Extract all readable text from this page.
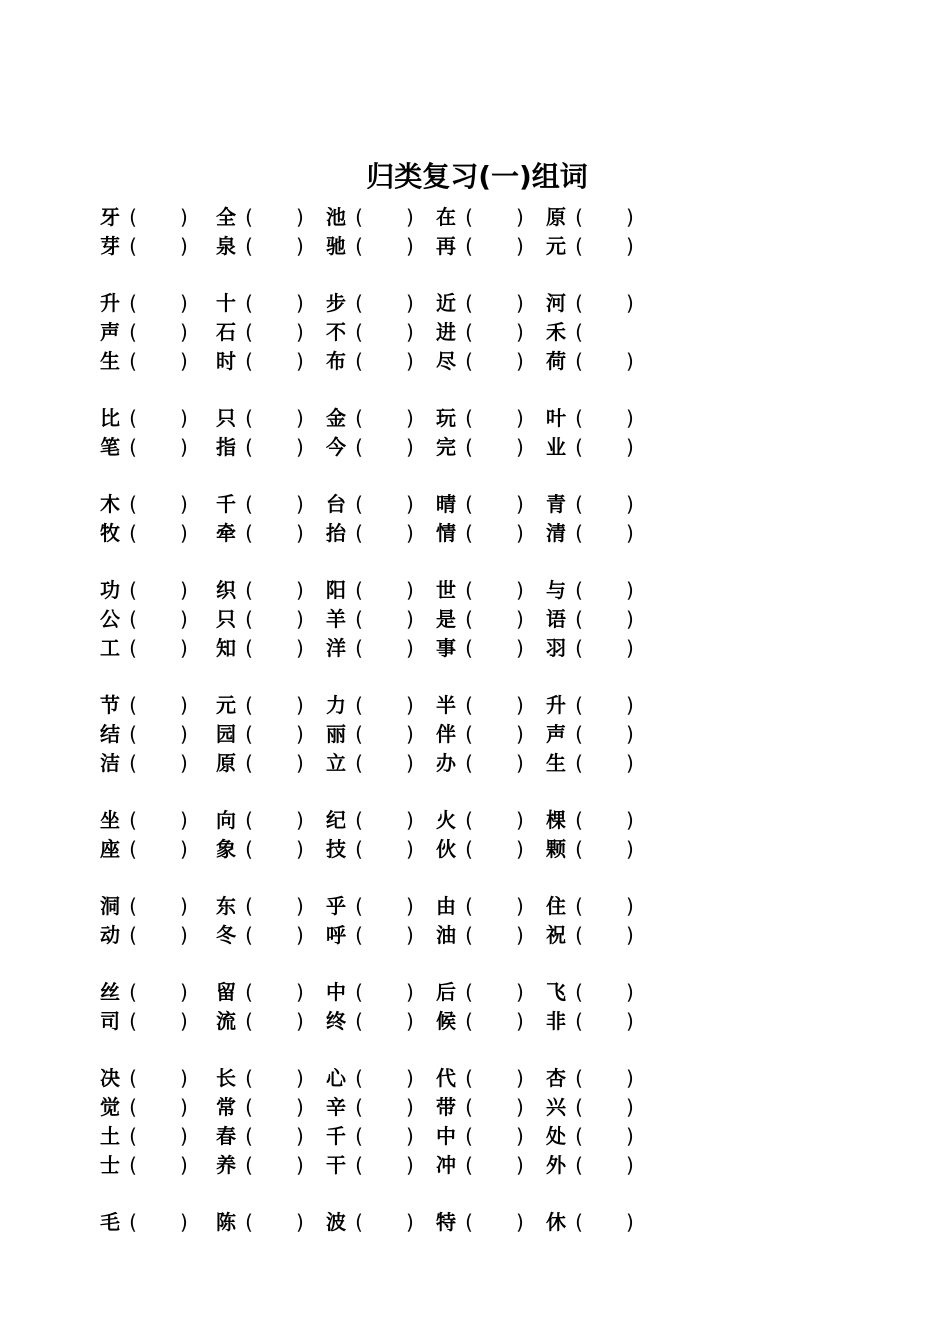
归类复习(一)组词
牙 ( ) 全 ( ) 池 ( ) 在 ( ) 原 ( )
芽 ( ) 泉 ( ) 驰 ( ) 再 ( ) 元 ( )
升 ( ) 十 ( ) 步 ( ) 近 ( ) 河 ( )
声 ( ) 石 ( ) 不 ( ) 进 ( ) 禾 (
生 ( ) 时 ( ) 布 ( ) 尽 ( ) 荷 ( )
比 ( ) 只 ( ) 金 ( ) 玩 ( ) 叶 ( )
笔 ( ) 指 ( ) 今 ( ) 完 ( ) 业 ( )
木 ( ) 千 ( ) 台 ( ) 晴 ( ) 青 ( )
牧 ( ) 牵 ( ) 抬 ( ) 情 ( ) 清 ( )
功 ( ) 织 ( ) 阳 ( ) 世 ( ) 与 ( )
公 ( ) 只 ( ) 羊 ( ) 是 ( ) 语 ( )
工 ( ) 知 ( ) 洋 ( ) 事 ( ) 羽 ( )
节 ( ) 元 ( ) 力 ( ) 半 ( ) 升 ( )
结 ( ) 园 ( ) 丽 ( ) 伴 ( ) 声 ( )
洁 ( ) 原 ( ) 立 ( ) 办 ( ) 生 ( )
坐 ( ) 向 ( ) 纪 ( ) 火 ( ) 棵 ( )
座 ( ) 象 ( ) 技 ( ) 伙 ( ) 颗 ( )
洞 ( ) 东 ( ) 乎 ( ) 由 ( ) 住 ( )
动 ( ) 冬 ( ) 呼 ( ) 油 ( ) 祝 ( )
丝 ( ) 留 ( ) 中 ( ) 后 ( ) 飞 ( )
司 ( ) 流 ( ) 终 ( ) 候 ( ) 非 ( )
决 ( ) 长 ( ) 心 ( ) 代 ( ) 杏 ( )
觉 ( ) 常 ( ) 辛 ( ) 带 ( ) 兴 ( )
土 ( ) 春 ( ) 千 ( ) 中 ( ) 处 ( )
士 ( ) 养 ( ) 干 ( ) 冲 ( ) 外 ( )
毛 ( ) 陈 ( ) 波 ( ) 特 ( ) 休 ( )
